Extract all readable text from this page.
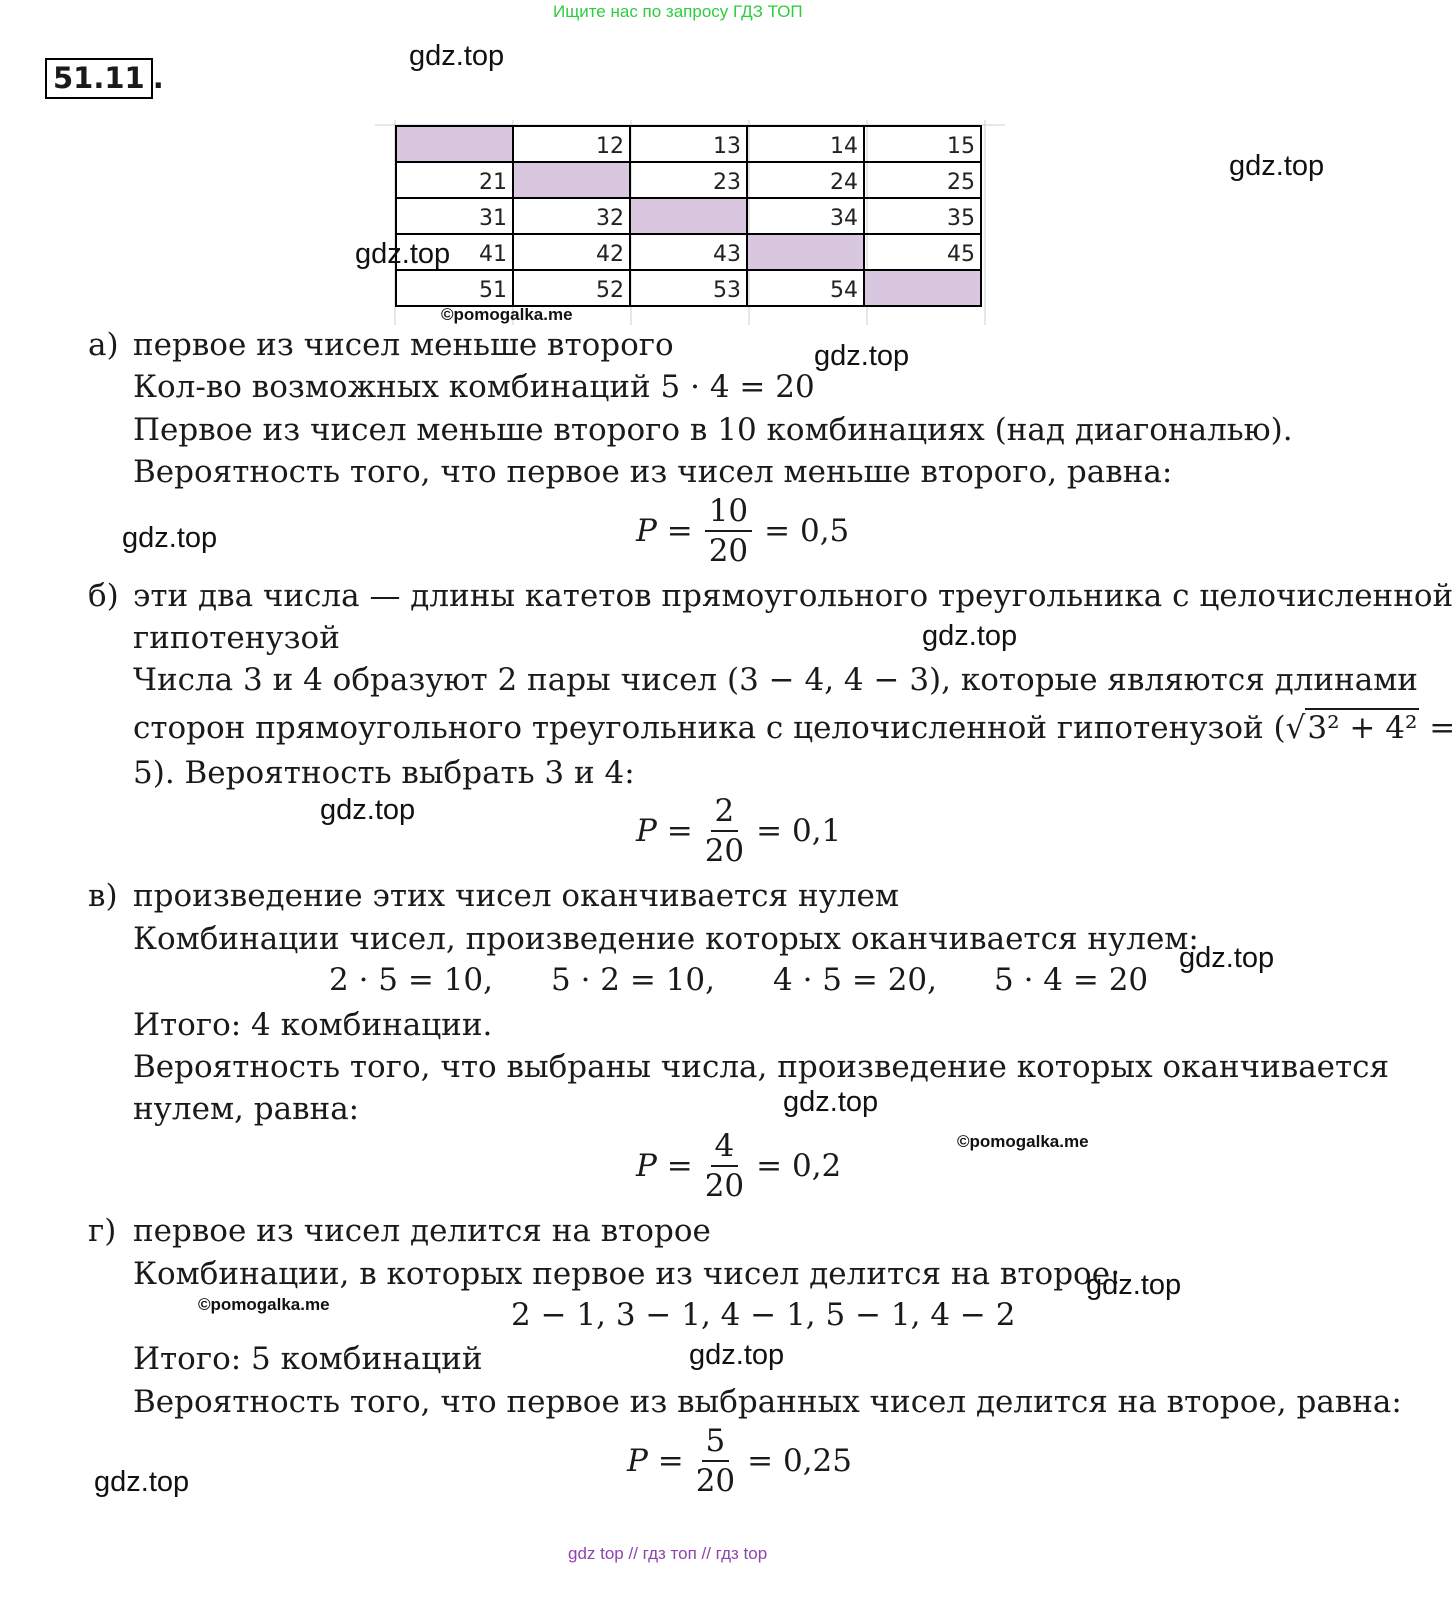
Ищите нас по запросу ГДЗ ТОП
51.11 .
gdz.top
gdz.top
	12	13	14	15
21		23	24	25
31	32		34	35
41	42	43		45
51	52	53	54	
gdz.top
©pomogalka.me
а) первое из чисел меньше второго	gdz.top
Кол-во возможных комбинаций 5 · 4 = 20
Первое из чисел меньше второго в 10 комбинациях (над диагональю).
Вероятность того, что первое из чисел меньше второго, равна:
gdz.top	$P = \frac{10}{20} = 0,5$
б) эти два числа — длины катетов прямоугольного треугольника с целочисленной
гипотенузой	gdz.top
Числа 3 и 4 образуют 2 пары чисел (3 − 4, 4 − 3), которые являются длинами
сторон прямоугольного треугольника с целочисленной гипотенузой (√3² + 4² =
5). Вероятность выбрать 3 и 4:
gdz.top
$P = \frac{2}{20} = 0,1$
в) произведение этих чисел оканчивается нулем
Комбинации чисел, произведение которых оканчивается нулем:
gdz.top
2 · 5 = 10, 5 · 2 = 10, 4 · 5 = 20, 5 · 4 = 20
Итого: 4 комбинации.
Вероятность того, что выбраны числа, произведение которых оканчивается
нулем, равна:	gdz.top
©pomogalka.me
$P = \frac{4}{20} = 0,2$
г) первое из чисел делится на второе
Комбинации, в которых первое из чисел делится на второе:
gdz.top
©pomogalka.me	2 − 1, 3 − 1, 4 − 1, 5 − 1, 4 − 2
Итого: 5 комбинаций	gdz.top
Вероятность того, что первое из выбранных чисел делится на второе, равна:
$P = \frac{5}{20} = 0,25$
gdz.top
gdz top // гдз топ // гдз top
